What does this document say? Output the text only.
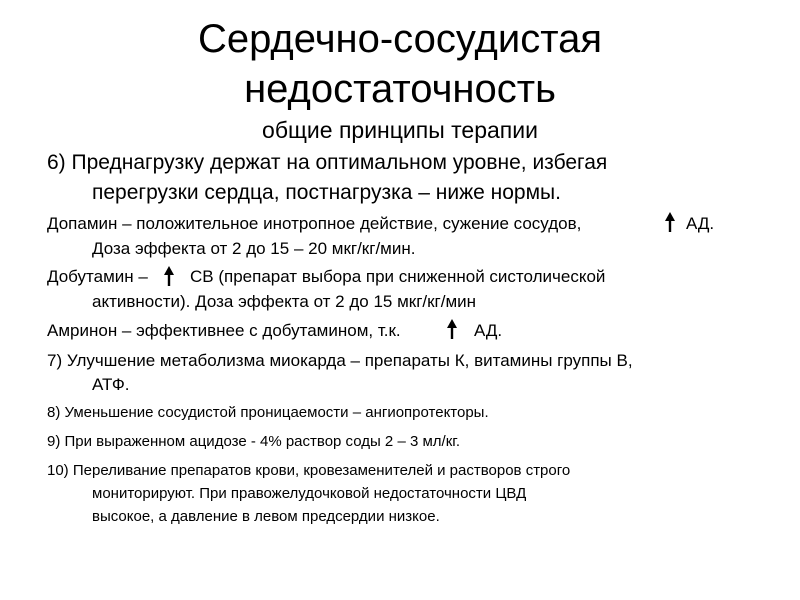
Сердечно-сосудистая
недостаточность
общие принципы терапии
6) Преднагрузку держат на оптимальном уровне, избегая
перегрузки сердца, постнагрузка – ниже нормы.
Допамин – положительное инотропное действие, сужение сосудов,	АД.
Доза эффекта от 2 до 15 – 20 мкг/кг/мин.
Добутамин – СВ (препарат выбора при сниженной систолической
активности). Доза эффекта от 2 до 15 мкг/кг/мин
Амринон – эффективнее с добутамином, т.к.	АД.
7) Улучшение метаболизма миокарда – препараты К, витамины группы В,
АТФ.
8) Уменьшение сосудистой проницаемости – ангиопротекторы.
9) При выраженном ацидозе - 4% раствор соды 2 – 3 мл/кг.
10) Переливание препаратов крови, кровезаменителей и растворов строго
мониторируют. При правожелудочковой недостаточности ЦВД
высокое, а давление в левом предсердии низкое.
